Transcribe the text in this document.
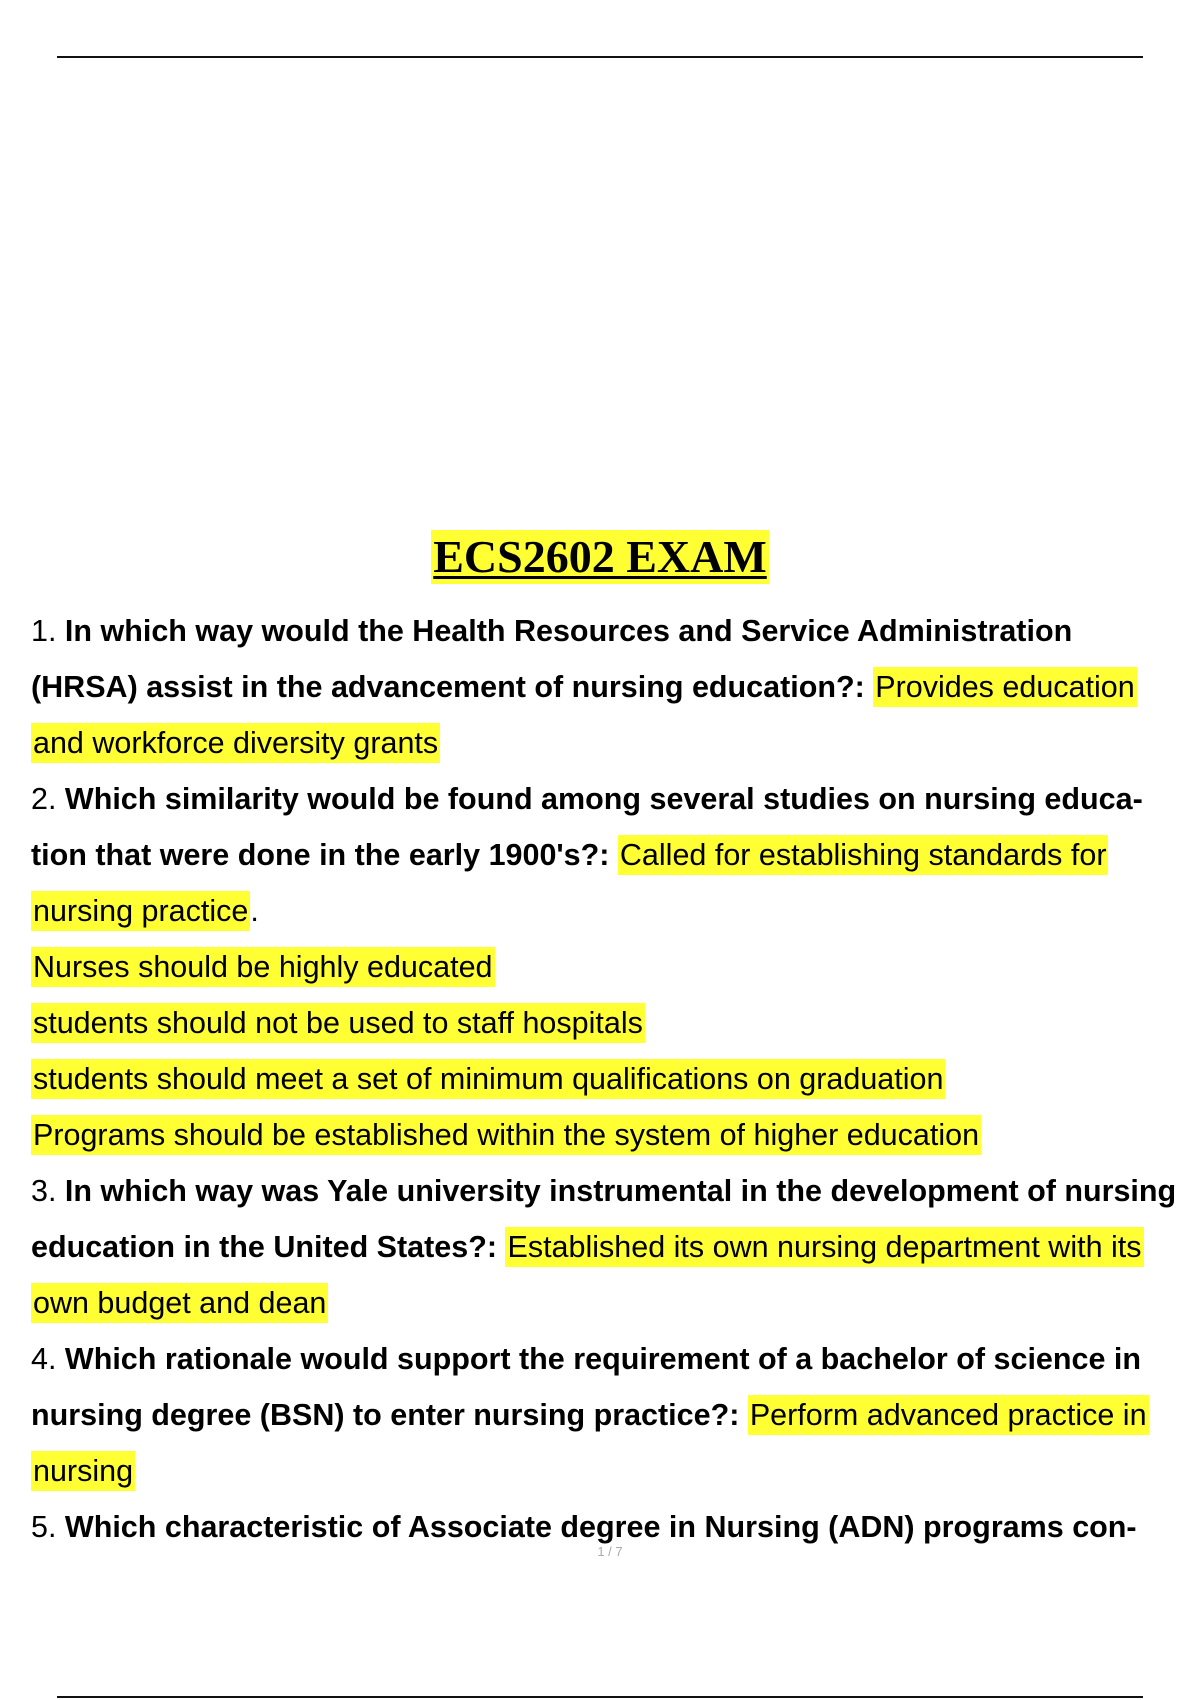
ECS2602 EXAM
1. In which way would the Health Resources and Service Administration
(HRSA) assist in the advancement of nursing education?: Provides education
and workforce diversity grants
2. Which similarity would be found among several studies on nursing educa-
tion that were done in the early 1900's?: Called for establishing standards for
nursing practice.
Nurses should be highly educated
students should not be used to staff hospitals
students should meet a set of minimum qualifications on graduation
Programs should be established within the system of higher education
3. In which way was Yale university instrumental in the development of nursing
education in the United States?: Established its own nursing department with its
own budget and dean
4. Which rationale would support the requirement of a bachelor of science in
nursing degree (BSN) to enter nursing practice?: Perform advanced practice in
nursing
5. Which characteristic of Associate degree in Nursing (ADN) programs con-
1 / 7
